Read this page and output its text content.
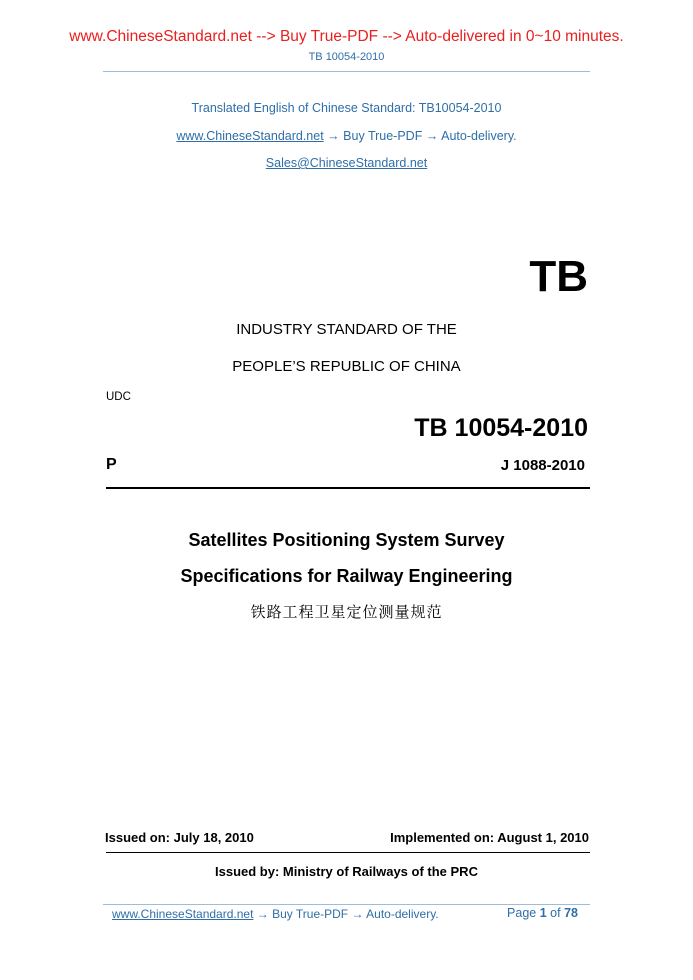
www.ChineseStandard.net --> Buy True-PDF --> Auto-delivered in 0~10 minutes.
TB 10054-2010
Translated English of Chinese Standard: TB10054-2010
www.ChineseStandard.net → Buy True-PDF → Auto-delivery.
Sales@ChineseStandard.net
TB
INDUSTRY STANDARD OF THE
PEOPLE’S REPUBLIC OF CHINA
UDC
TB 10054-2010
P	J 1088-2010
Satellites Positioning System Survey
Specifications for Railway Engineering
铁路工程卫星定位测量规范
Issued on: July 18, 2010	Implemented on: August 1, 2010
Issued by: Ministry of Railways of the PRC
www.ChineseStandard.net → Buy True-PDF → Auto-delivery.	Page 1 of 78
